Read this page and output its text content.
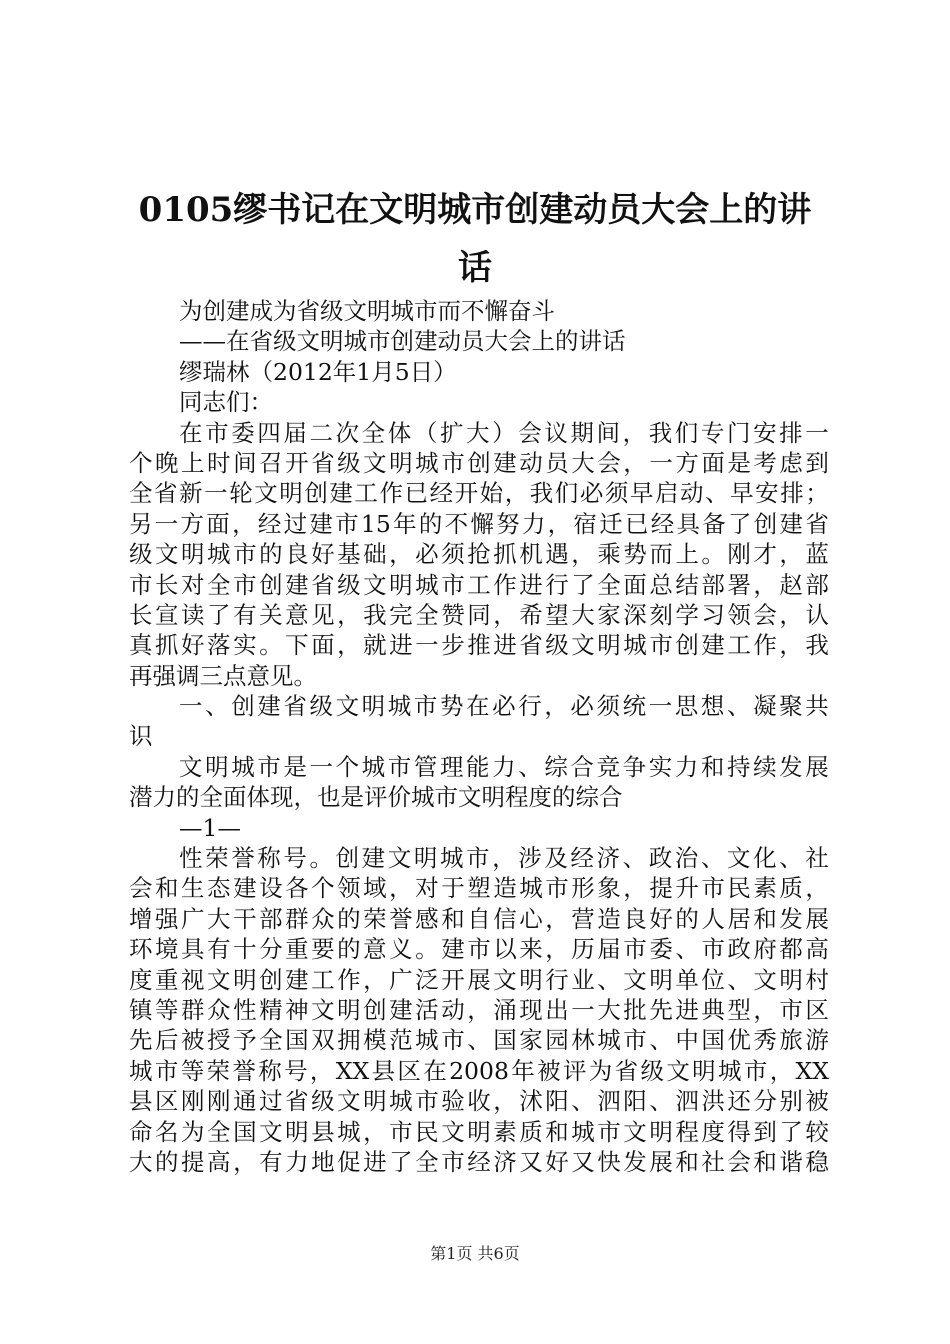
0105缪书记在文明城市创建动员大会上的讲
话
为创建成为省级文明城市而不懈奋斗
——在省级文明城市创建动员大会上的讲话
缪瑞林（2012年1月5日）
同志们：
在 市 委 四 届 二 次 全 体 （ 扩 大 ） 会 议 期 间 ， 我 们 专 门 安 排 一
个 晚 上 时 间 召 开 省 级 文 明 城 市 创 建 动 员 大 会 ， 一 方 面 是 考 虑 到
全 省 新 一 轮 文 明 创 建 工 作 已 经 开 始 ， 我 们 必 须 早 启 动 、 早 安 排 ；
另 一 方 面 ， 经 过 建 市 15 年 的 不 懈 努 力 ， 宿 迁 已 经 具 备 了 创 建 省
级 文 明 城 市 的 良 好 基 础 ， 必 须 抢 抓 机 遇 ， 乘 势 而 上 。 刚 才 ， 蓝
市 长 对 全 市 创 建 省 级 文 明 城 市 工 作 进 行 了 全 面 总 结 部 署 ， 赵 部
长 宣 读 了 有 关 意 见 ， 我 完 全 赞 同 ， 希 望 大 家 深 刻 学 习 领 会 ， 认
真 抓 好 落 实 。 下 面 ， 就 进 一 步 推 进 省 级 文 明 城 市 创 建 工 作 ， 我
再强调三点意见。
一 、 创 建 省 级 文 明 城 市 势 在 必 行 ， 必 须 统 一 思 想 、 凝 聚 共
识
文 明 城 市 是 一 个 城 市 管 理 能 力 、 综 合 竞 争 实 力 和 持 续 发 展
潜力的全面体现，也是评价城市文明程度的综合
—1—
性 荣 誉 称 号 。 创 建 文 明 城 市 ， 涉 及 经 济 、 政 治 、 文 化 、 社
会 和 生 态 建 设 各 个 领 域 ， 对 于 塑 造 城 市 形 象 ， 提 升 市 民 素 质 ，
增 强 广 大 干 部 群 众 的 荣 誉 感 和 自 信 心 ， 营 造 良 好 的 人 居 和 发 展
环 境 具 有 十 分 重 要 的 意 义 。 建 市 以 来 ， 历 届 市 委 、 市 政 府 都 高
度 重 视 文 明 创 建 工 作 ， 广 泛 开 展 文 明 行 业 、 文 明 单 位 、 文 明 村
镇 等 群 众 性 精 神 文 明 创 建 活 动 ， 涌 现 出 一 大 批 先 进 典 型 ， 市 区
先 后 被 授 予 全 国 双 拥 模 范 城 市 、 国 家 园 林 城 市 、 中 国 优 秀 旅 游
城 市 等 荣 誉 称 号 ， XX 县 区 在 2008 年 被 评 为 省 级 文 明 城 市 ， XX
县 区 刚 刚 通 过 省 级 文 明 城 市 验 收 ， 沭 阳 、 泗 阳 、 泗 洪 还 分 别 被
命 名 为 全 国 文 明 县 城 ， 市 民 文 明 素 质 和 城 市 文 明 程 度 得 到 了 较
大 的 提 高 ， 有 力 地 促 进 了 全 市 经 济 又 好 又 快 发 展 和 社 会 和 谐 稳
第1页 共6页
